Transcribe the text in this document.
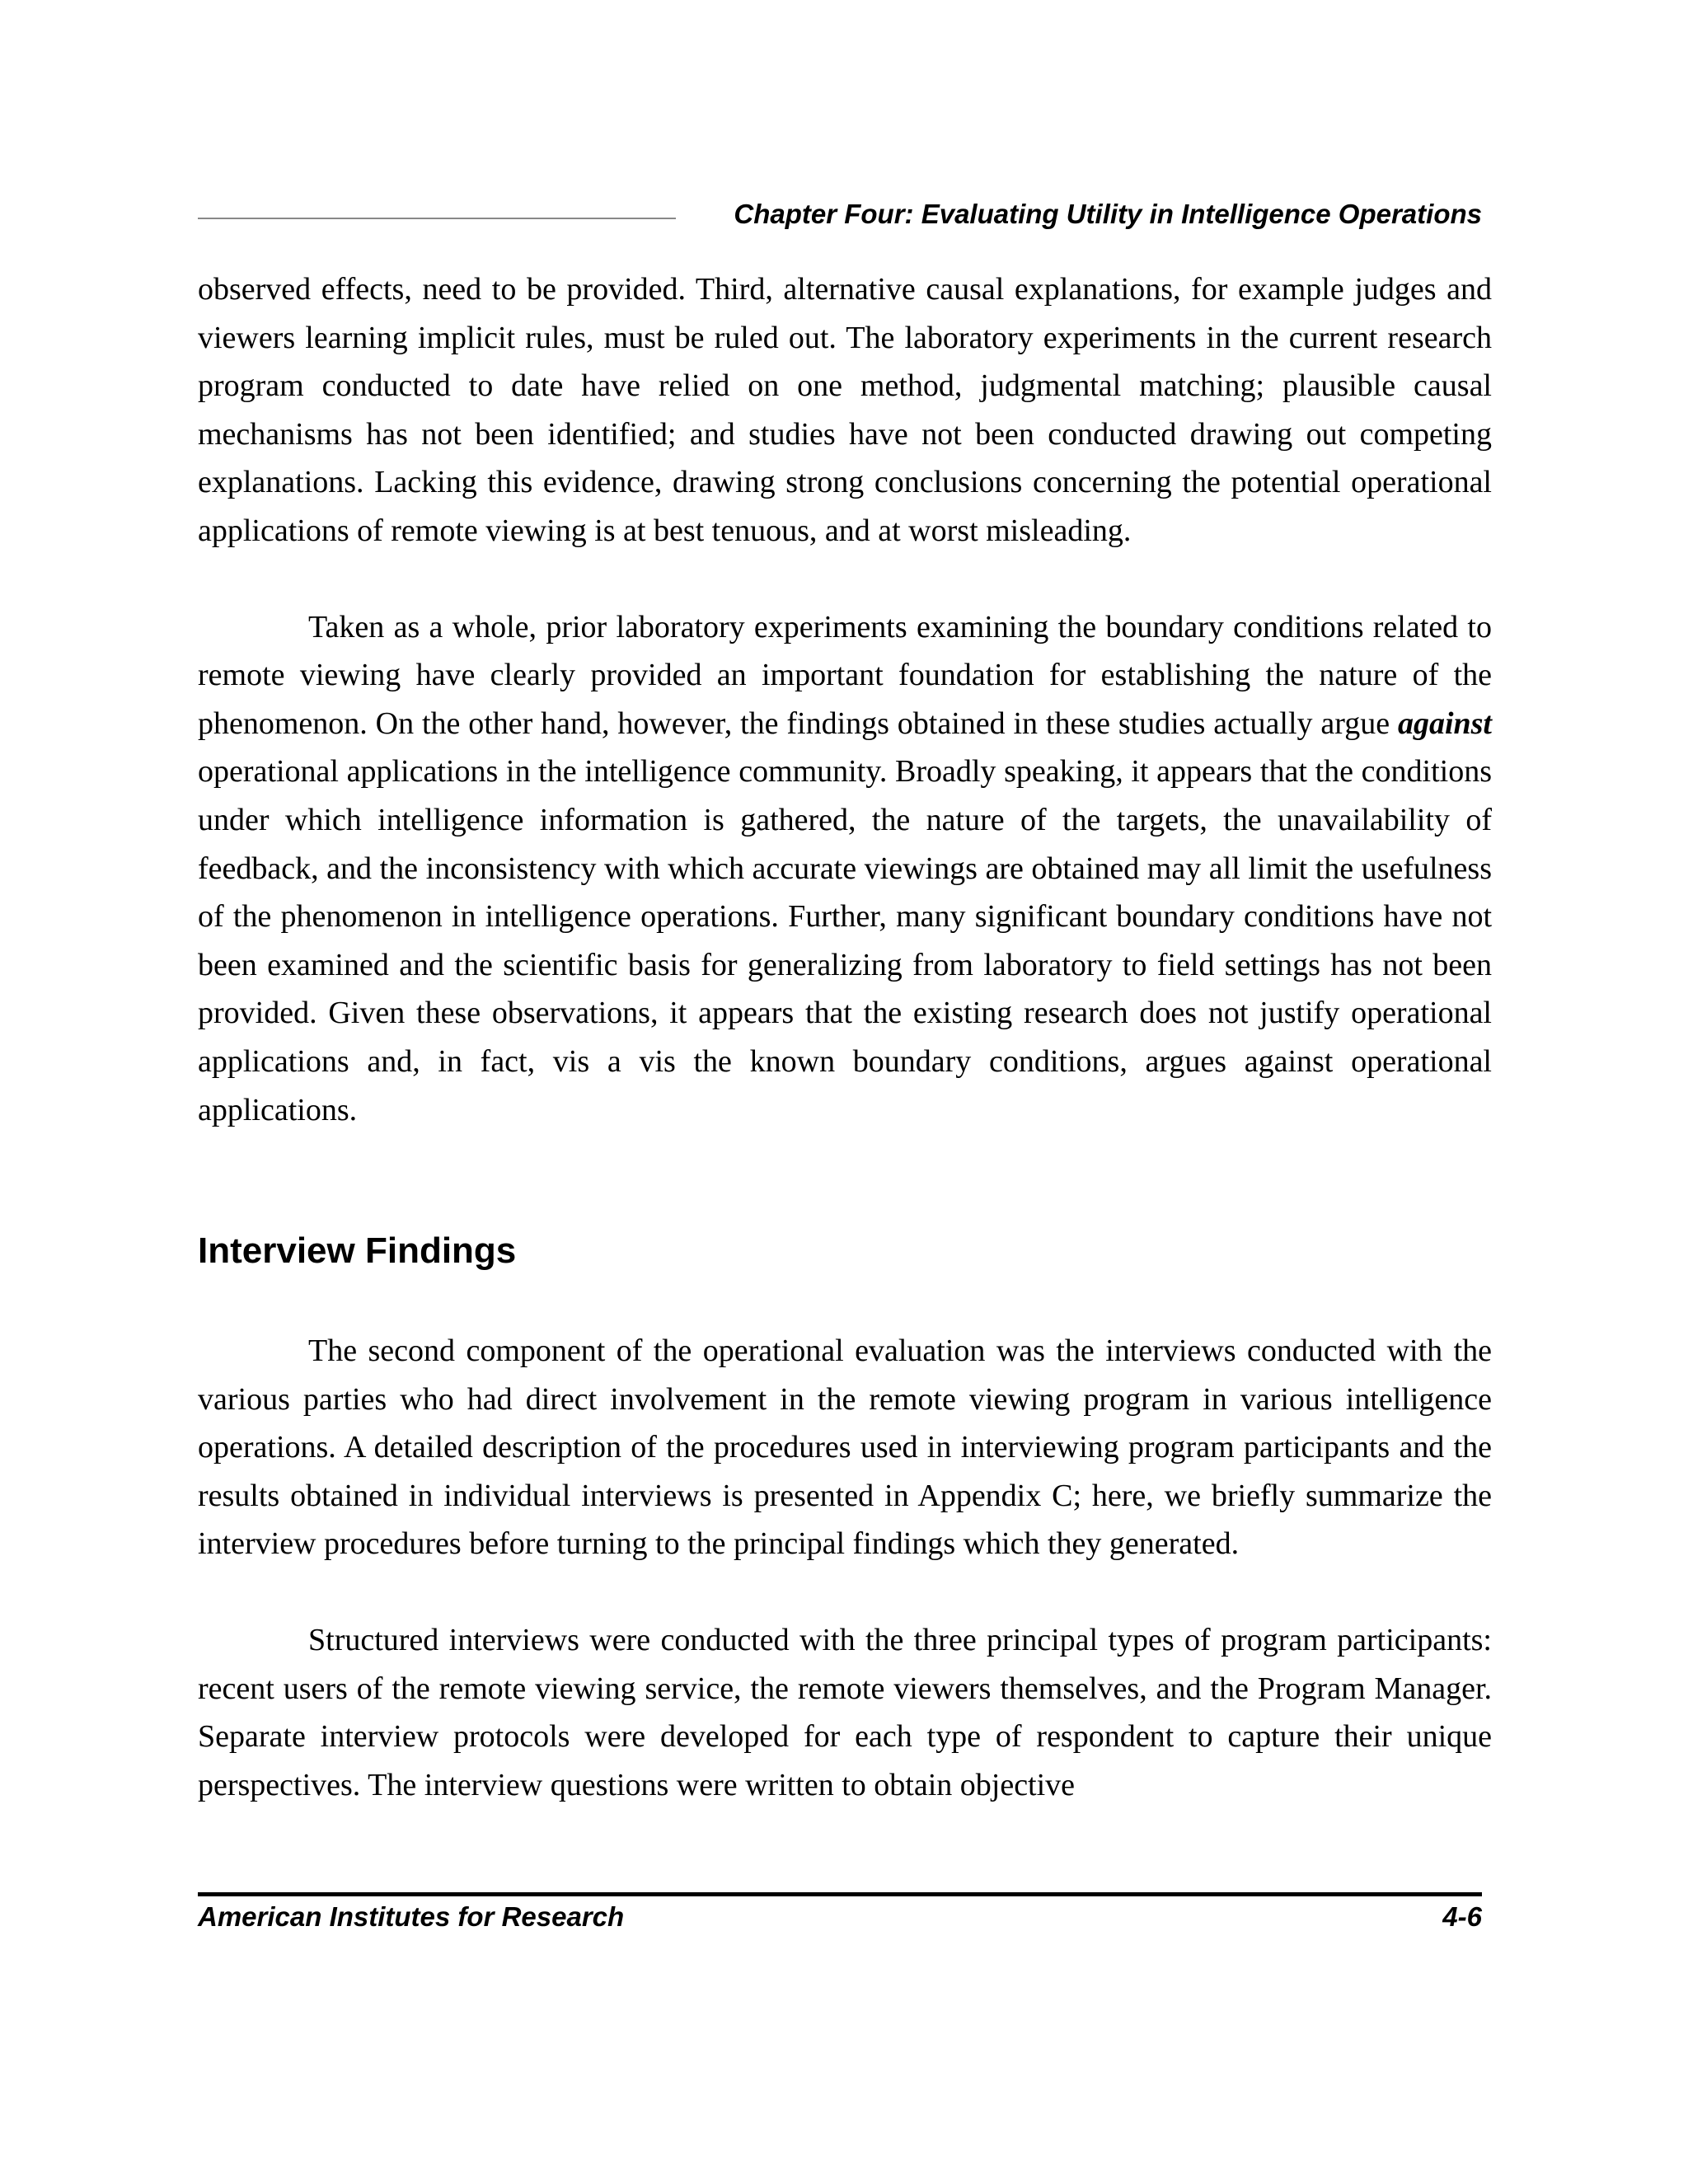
Chapter Four: Evaluating Utility in Intelligence Operations

observed effects, need to be provided. Third, alternative causal explanations, for example judges and viewers learning implicit rules, must be ruled out. The laboratory experiments in the current research program conducted to date have relied on one method, judgmental matching; plausible causal mechanisms has not been identified; and studies have not been conducted drawing out competing explanations. Lacking this evidence, drawing strong conclusions concerning the potential operational applications of remote viewing is at best tenuous, and at worst misleading.

Taken as a whole, prior laboratory experiments examining the boundary conditions related to remote viewing have clearly provided an important foundation for establishing the nature of the phenomenon. On the other hand, however, the findings obtained in these studies actually argue against operational applications in the intelligence community. Broadly speaking, it appears that the conditions under which intelligence information is gathered, the nature of the targets, the unavailability of feedback, and the inconsistency with which accurate viewings are obtained may all limit the usefulness of the phenomenon in intelligence operations. Further, many significant boundary conditions have not been examined and the scientific basis for generalizing from laboratory to field settings has not been provided. Given these observations, it appears that the existing research does not justify operational applications and, in fact, vis a vis the known boundary conditions, argues against operational applications.

Interview Findings

The second component of the operational evaluation was the interviews conducted with the various parties who had direct involvement in the remote viewing program in various intelligence operations. A detailed description of the procedures used in interviewing program participants and the results obtained in individual interviews is presented in Appendix C; here, we briefly summarize the interview procedures before turning to the principal findings which they generated.

Structured interviews were conducted with the three principal types of program participants: recent users of the remote viewing service, the remote viewers themselves, and the Program Manager. Separate interview protocols were developed for each type of respondent to capture their unique perspectives. The interview questions were written to obtain objective

American Institutes for Research	4-6
